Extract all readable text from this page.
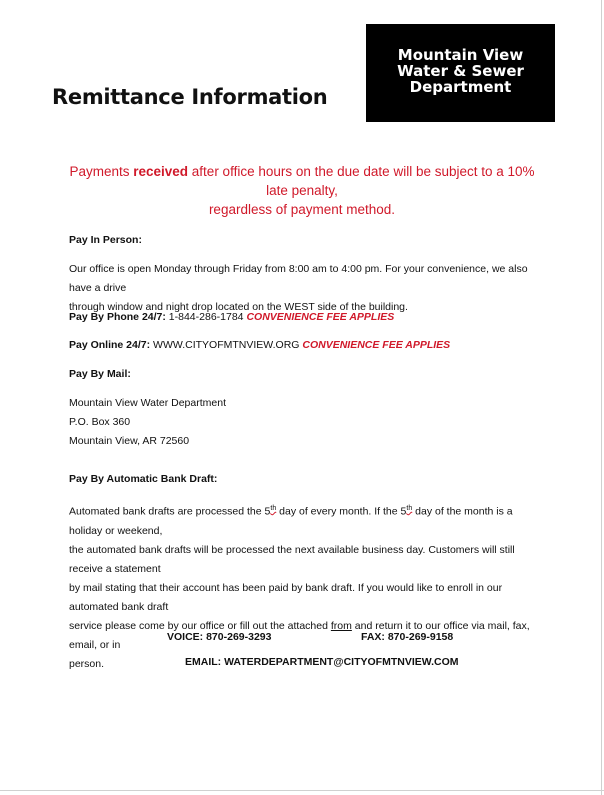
Mountain View
Water & Sewer
Department
Remittance Information
Payments received after office hours on the due date will be subject to a 10% late penalty,
regardless of payment method.
Pay In Person:
Our office is open Monday through Friday from 8:00 am to 4:00 pm. For your convenience, we also have a drive
through window and night drop located on the WEST side of the building.
Pay By Phone 24/7: 1-844-286-1784 CONVENIENCE FEE APPLIES
Pay Online 24/7: WWW.CITYOFMTNVIEW.ORG CONVENIENCE FEE APPLIES
Pay By Mail:
Mountain View Water Department
P.O. Box 360
Mountain View, AR 72560
Pay By Automatic Bank Draft:
Automated bank drafts are processed the 5th day of every month. If the 5th day of the month is a holiday or weekend,
the automated bank drafts will be processed the next available business day. Customers will still receive a statement
by mail stating that their account has been paid by bank draft. If you would like to enroll in our automated bank draft
service please come by our office or fill out the attached from and return it to our office via mail, fax, email, or in
person.
VOICE: 870-269-3293	FAX: 870-269-9158
EMAIL: WATERDEPARTMENT@CITYOFMTNVIEW.COM
